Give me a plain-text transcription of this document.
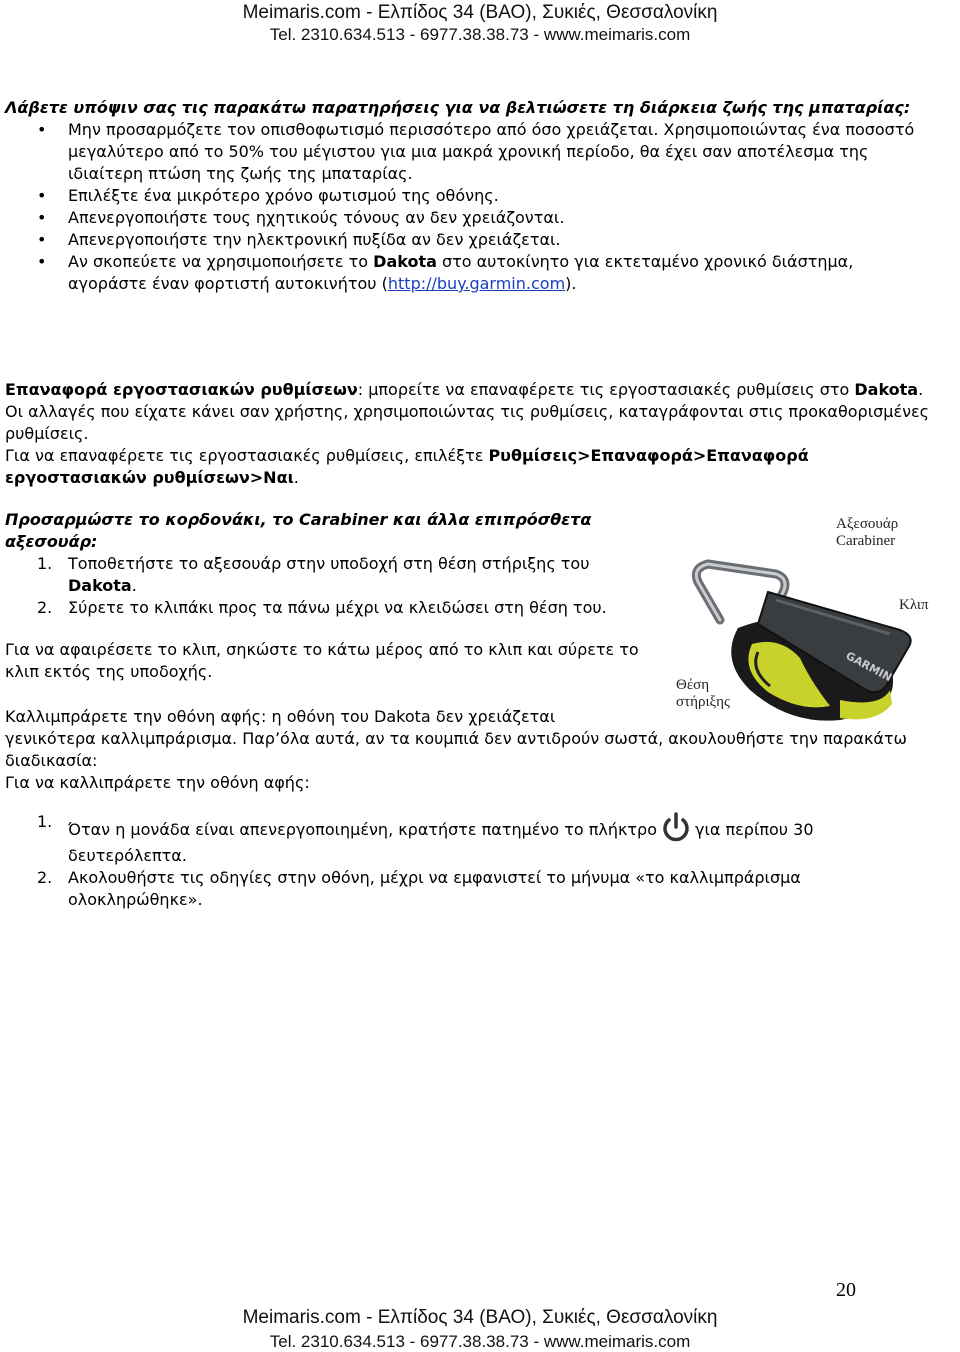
Meimaris.com - Ελπίδος 34 (ΒΑΟ), Συκιές, Θεσσαλονίκη
Tel. 2310.634.513 - 6977.38.38.73 - www.meimaris.com
Λάβετε υπόψιν σας τις παρακάτω παρατηρήσεις για να βελτιώσετε τη διάρκεια ζωής της μπαταρίας:
• Μην προσαρμόζετε τον οπισθοφωτισμό περισσότερο από όσο χρειάζεται. Χρησιμοποιώντας ένα ποσοστό μεγαλύτερο από το 50% του μέγιστου για μια μακρά χρονική περίοδο, θα έχει σαν αποτέλεσμα της ιδιαίτερη πτώση της ζωής της μπαταρίας.
• Επιλέξτε ένα μικρότερο χρόνο φωτισμού της οθόνης.
• Απενεργοποιήστε τους ηχητικούς τόνους αν δεν χρειάζονται.
• Απενεργοποιήστε την ηλεκτρονική πυξίδα αν δεν χρειάζεται.
• Αν σκοπεύετε να χρησιμοποιήσετε το Dakota στο αυτοκίνητο για εκτεταμένο χρονικό διάστημα, αγοράστε έναν φορτιστή αυτοκινήτου (http://buy.garmin.com).
Επαναφορά εργοστασιακών ρυθμίσεων: μπορείτε να επαναφέρετε τις εργοστασιακές ρυθμίσεις στο Dakota. Οι αλλαγές που είχατε κάνει σαν χρήστης, χρησιμοποιώντας τις ρυθμίσεις, καταγράφονται στις προκαθορισμένες ρυθμίσεις.
Για να επαναφέρετε τις εργοστασιακές ρυθμίσεις, επιλέξτε Ρυθμίσεις>Επαναφορά>Επαναφορά εργοστασιακών ρυθμίσεων>Ναι.
Προσαρμώστε το κορδονάκι, το Carabiner και άλλα επιπρόσθετα αξεσουάρ:
1. Τοποθετήστε το αξεσουάρ στην υποδοχή στη θέση στήριξης του Dakota.
2. Σύρετε το κλιπάκι προς τα πάνω μέχρι να κλειδώσει στη θέση του.
Για να αφαιρέσετε το κλιπ, σηκώστε το κάτω μέρος από το κλιπ και σύρετε το κλιπ εκτός της υποδοχής.	GARMIN
Αξεσουάρ
Carabiner
Κλιπ
Θέση
στήριξης
Καλλιμπράρετε την οθόνη αφής: η οθόνη του Dakota δεν χρειάζεται
γενικότερα καλλιμπράρισμα. Παρ’όλα αυτά, αν τα κουμπιά δεν αντιδρούν σωστά, ακουλουθήστε την παρακάτω διαδικασία:
Για να καλλιπράρετε την οθόνη αφής:
1. Όταν η μονάδα είναι απενεργοποιημένη, κρατήστε πατημένο το πλήκτρο για περίπου 30 δευτερόλεπτα.
2. Ακολουθήστε τις οδηγίες στην οθόνη, μέχρι να εμφανιστεί το μήνυμα «το καλλιμπράρισμα ολοκληρώθηκε».
20
Meimaris.com - Ελπίδος 34 (ΒΑΟ), Συκιές, Θεσσαλονίκη
Tel. 2310.634.513 - 6977.38.38.73 - www.meimaris.com
